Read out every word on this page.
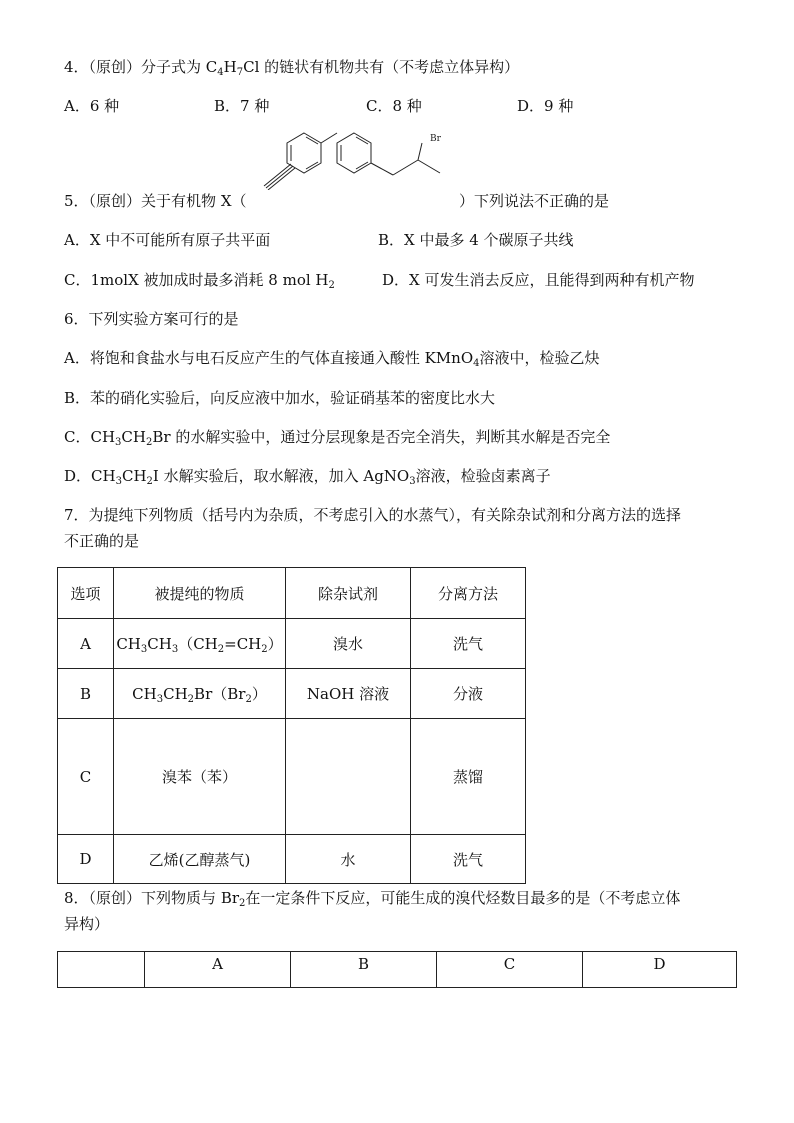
4．（原创）分子式为 $C_4H_7Cl$ 的链状有机物共有（不考虑立体异构）
A．6 种	B．7 种	C．8 种	D．9 种
Br
5．（原创）关于有机物 X（	）下列说法不正确的是
A．X 中不可能所有原子共平面	B．X 中最多 4 个碳原子共线
C．1molX 被加成时最多消耗 8 mol $H_2$	D．X 可发生消去反应，且能得到两种有机产物
6．下列实验方案可行的是
A．将饱和食盐水与电石反应产生的气体直接通入酸性 KMnO$_4$溶液中，检验乙炔
B．苯的硝化实验后，向反应液中加水，验证硝基苯的密度比水大
C．$CH_3CH_2Br$ 的水解实验中，通过分层现象是否完全消失，判断其水解是否完全
D．$CH_3CH_2I$ 水解实验后，取水解液，加入 AgNO$_3$溶液，检验卤素离子
7．为提纯下列物质（括号内为杂质，不考虑引入的水蒸气），有关除杂试剂和分离方法的选择
不正确的是
选项	被提纯的物质	除杂试剂	分离方法
A	$CH_3CH_3(CH_2=CH_2)$	溴水	洗气
B	$CH_3CH_2Br(Br_2)$	NaOH 溶液	分液
C	溴苯（苯）		蒸馏
D	乙烯(乙醇蒸气)	水	洗气
8．（原创）下列物质与 $Br_2$在一定条件下反应，可能生成的溴代烃数目最多的是（不考虑立体
异构）
	A	B	C	D
